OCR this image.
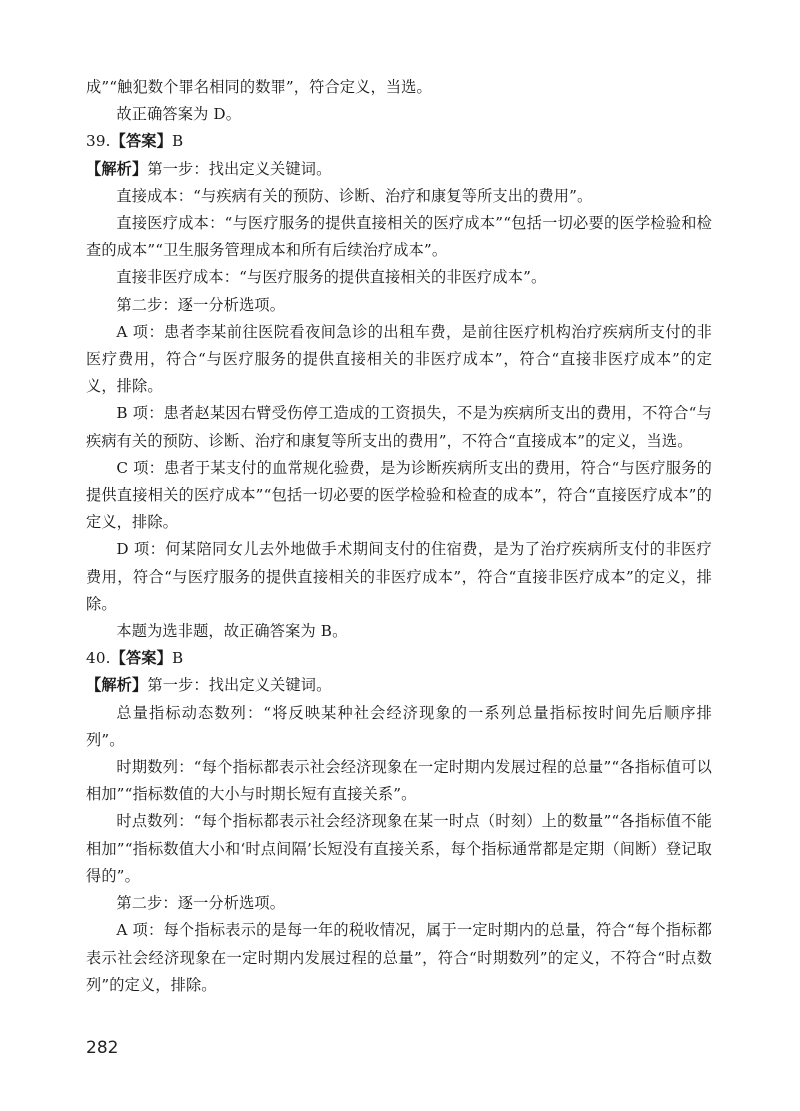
成”“触犯数个罪名相同的数罪”，符合定义，当选。

故正确答案为 D。

39.【答案】B

【解析】第一步：找出定义关键词。

直接成本：“与疾病有关的预防、诊断、治疗和康复等所支出的费用”。

直接医疗成本：“与医疗服务的提供直接相关的医疗成本”“包括一切必要的医学检验和检查的成本”“卫生服务管理成本和所有后续治疗成本”。

直接非医疗成本：“与医疗服务的提供直接相关的非医疗成本”。

第二步：逐一分析选项。

A 项：患者李某前往医院看夜间急诊的出租车费，是前往医疗机构治疗疾病所支付的非医疗费用，符合“与医疗服务的提供直接相关的非医疗成本”，符合“直接非医疗成本”的定义，排除。

B 项：患者赵某因右臂受伤停工造成的工资损失，不是为疾病所支出的费用，不符合“与疾病有关的预防、诊断、治疗和康复等所支出的费用”，不符合“直接成本”的定义，当选。

C 项：患者于某支付的血常规化验费，是为诊断疾病所支出的费用，符合“与医疗服务的提供直接相关的医疗成本”“包括一切必要的医学检验和检查的成本”，符合“直接医疗成本”的定义，排除。

D 项：何某陪同女儿去外地做手术期间支付的住宿费，是为了治疗疾病所支付的非医疗费用，符合“与医疗服务的提供直接相关的非医疗成本”，符合“直接非医疗成本”的定义，排除。

本题为选非题，故正确答案为 B。

40.【答案】B

【解析】第一步：找出定义关键词。

总量指标动态数列：“将反映某种社会经济现象的一系列总量指标按时间先后顺序排列”。

时期数列：“每个指标都表示社会经济现象在一定时期内发展过程的总量”“各指标值可以相加”“指标数值的大小与时期长短有直接关系”。

时点数列：“每个指标都表示社会经济现象在某一时点（时刻）上的数量”“各指标值不能相加”“指标数值大小和‘时点间隔’长短没有直接关系，每个指标通常都是定期（间断）登记取得的”。

第二步：逐一分析选项。

A 项：每个指标表示的是每一年的税收情况，属于一定时期内的总量，符合“每个指标都表示社会经济现象在一定时期内发展过程的总量”，符合“时期数列”的定义，不符合“时点数列”的定义，排除。

282
